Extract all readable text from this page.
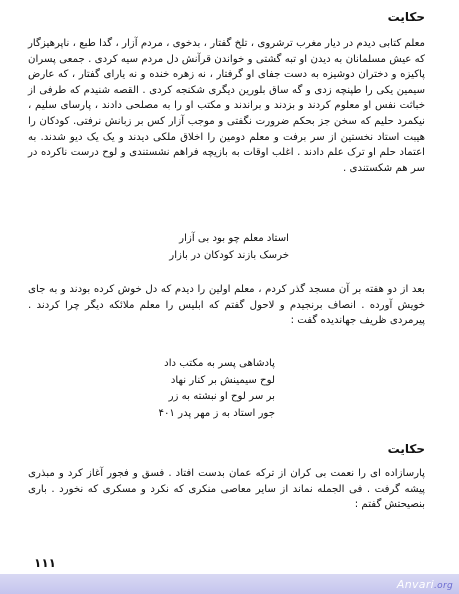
حکایت

معلم کتابی دیدم در دیار مغرب ترشروی ، تلخ گفتار ، بدخوی ، مردم آزار ، گدا طبع ، ناپرهیزگار که عیش مسلمانان به دیدن او تبه گشتی و خواندن قرآنش دل مردم سیه کردی . جمعی پسران پاکیزه و دختران دوشیزه به دست جفای او گرفتار ، نه زهره خنده و نه یارای گفتار ، که عارض سیمین یکی را طپنچه زدی و گه ساق بلورین دیگری شکنجه کردی . القصه شنیدم که طرفی از خباثت نفس او معلوم کردند و بزدند و براندند و مکتب او را به مصلحی دادند ، پارسای سلیم ، نیکمرد حلیم که سخن جز بحکم ضرورت نگفتی و موجب آزار کس بر زبانش نرفتی. کودکان را هیبت استاد نخستین از سر برفت و معلم دومین را اخلاق ملکی دیدند و یک یک دیو شدند. به اعتماد حلم او ترک علم دادند . اغلب اوقات به بازیچه فراهم نشستندی و لوح درست ناکرده در سر هم شکستندی .

استاد معلم چو بود بی آزار
خرسک بازند کودکان در بازار

بعد از دو هفته بر آن مسجد گذر کردم ، معلم اولین را دیدم که دل خوش کرده بودند و به جای خویش آورده . انصاف برنجیدم و لاحول گفتم که ابلیس را معلم ملائکه دیگر چرا کردند . پیرمردی ظریف جهاندیده گفت :

پادشاهی پسر به مکتب داد
لوح سیمینش بر کنار نهاد
بر سر لوح او نبشته به زر
جور استاد به ز مهر پدر ۴۰۱
حکایت

پارسازاده ای را نعمت بی کران از ترکه عمان بدست افتاد . فسق و فجور آغاز کرد و مبذری پیشه گرفت . فی الجمله نماند از سایر معاصی منکری که نکرد و مسکری که نخورد . باری بنصیحتش گفتم :

۱۱۱
Anvari.org
